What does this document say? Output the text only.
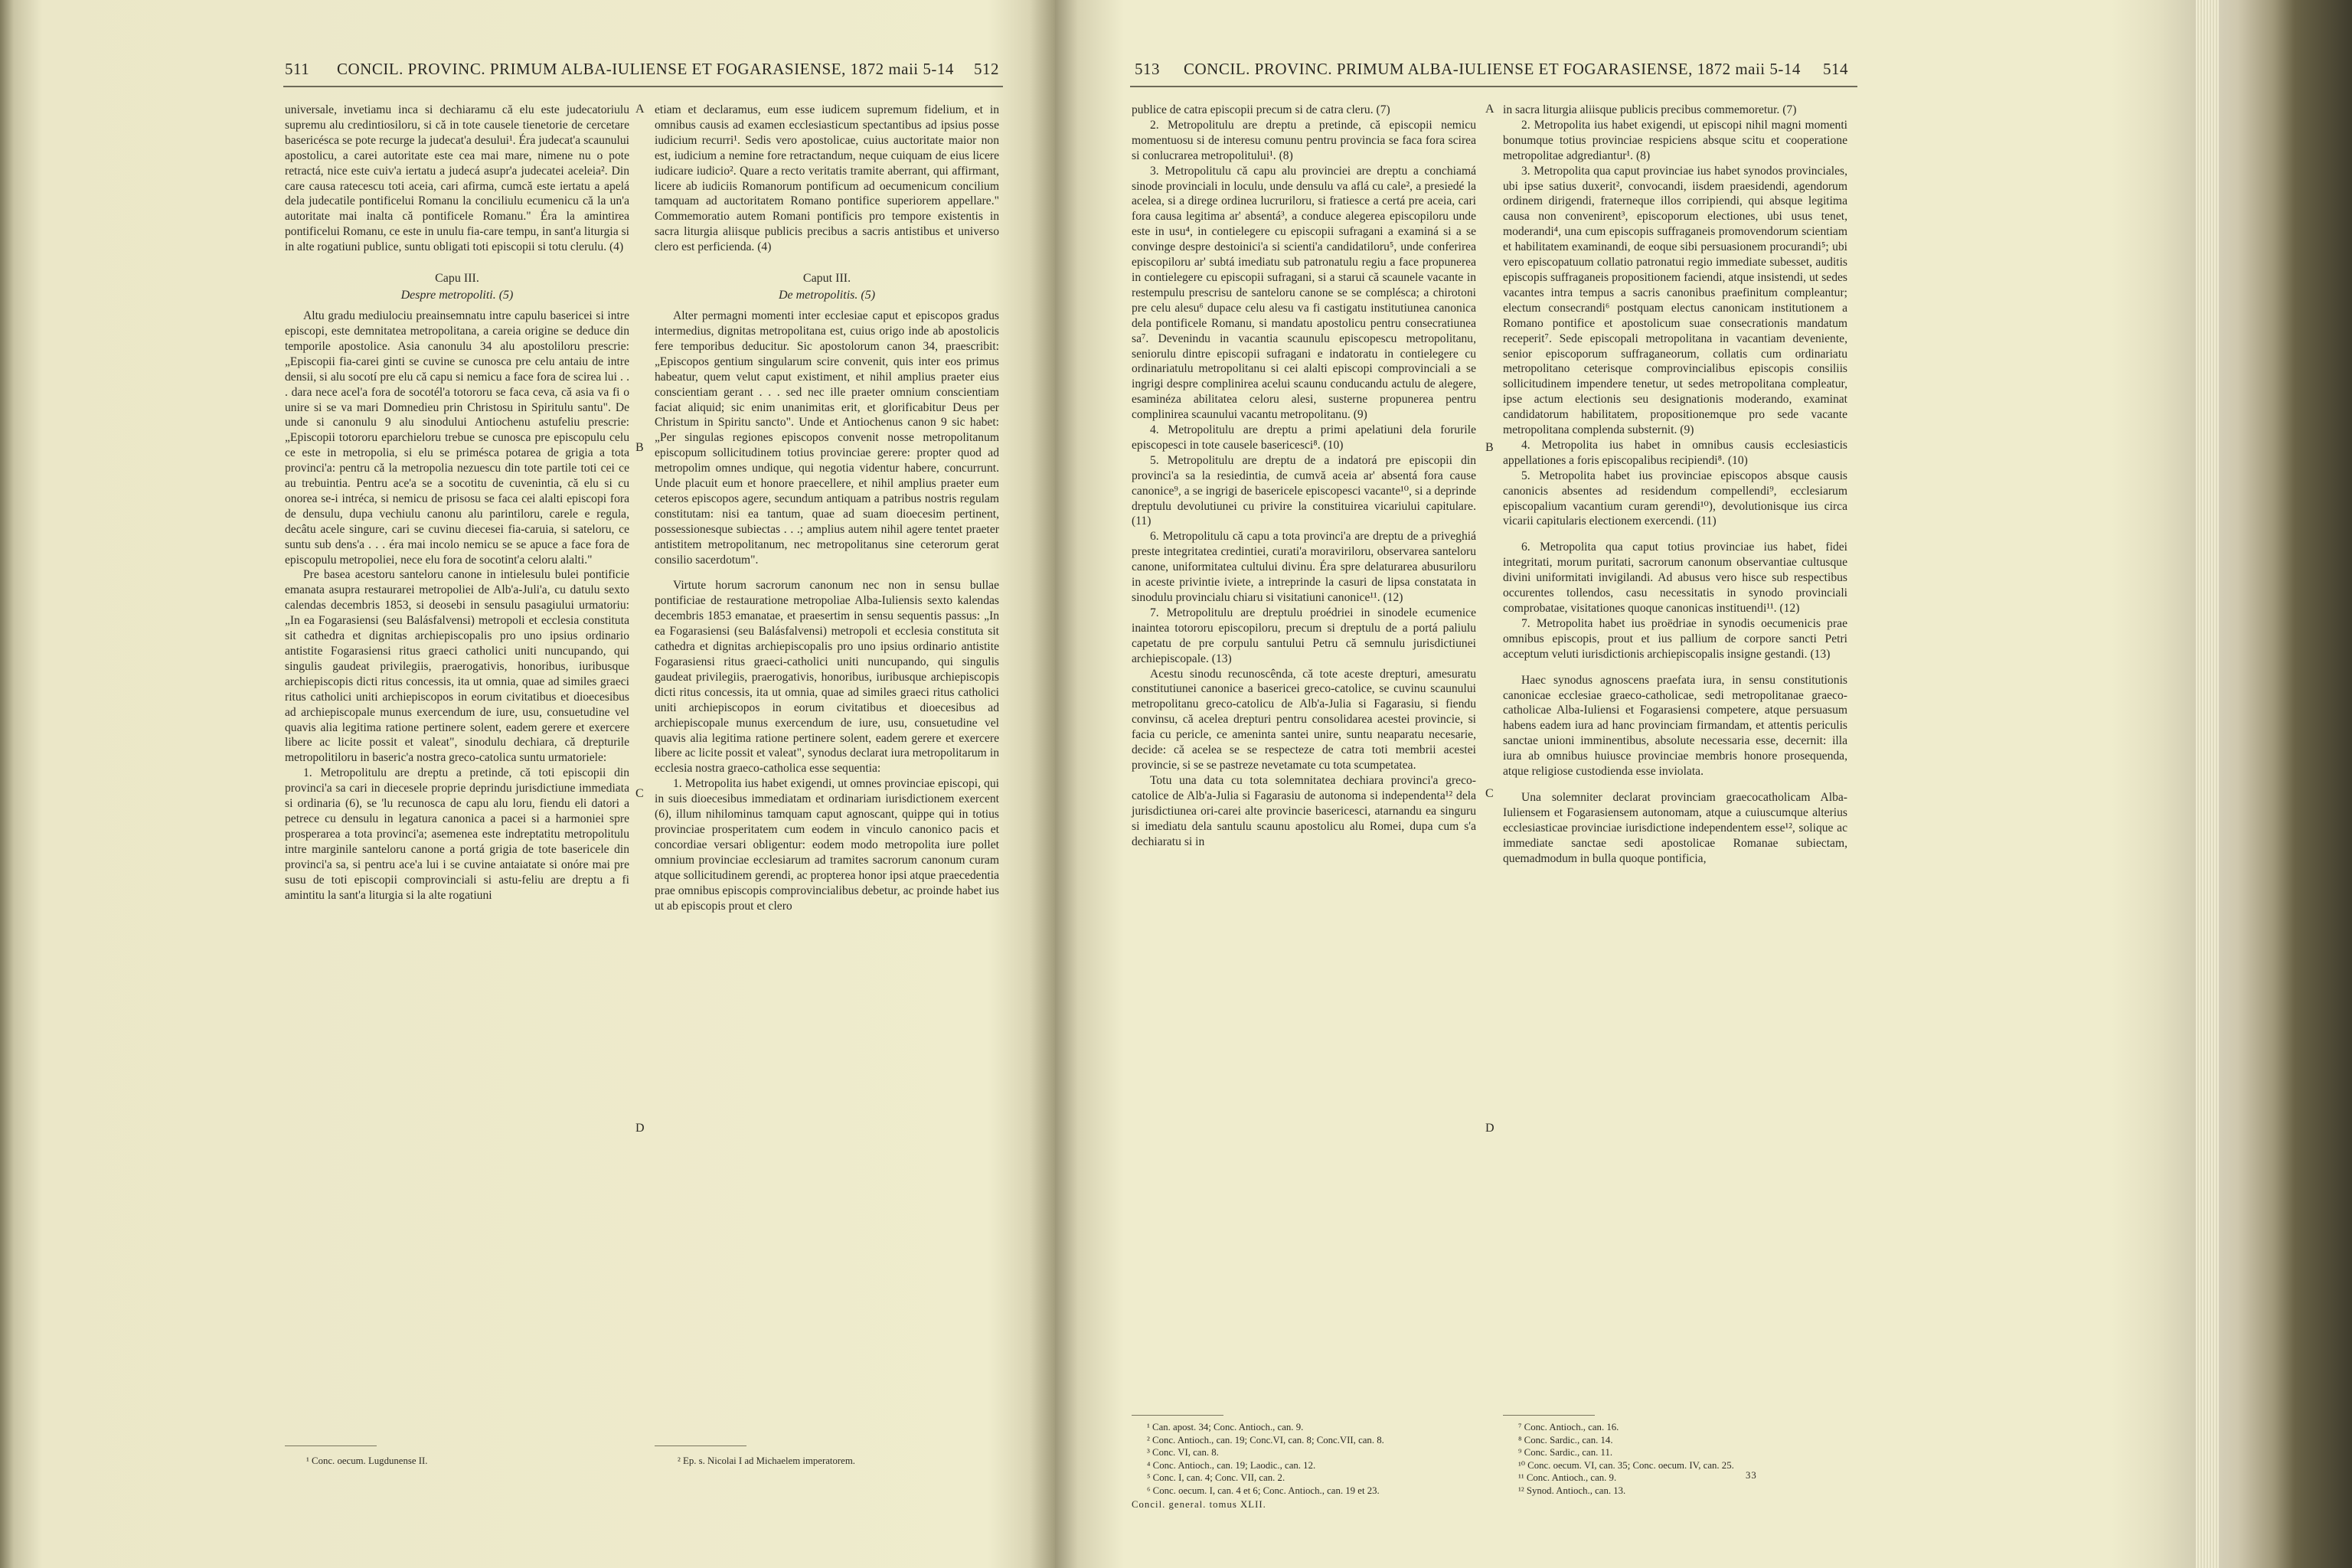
511 CONCIL. PROVINC. PRIMUM ALBA-IULIENSE ET FOGARASIENSE, 1872 maii 5-14 512

universale, invetiamu inca si dechiaramu că elu este judecatoriulu supremu alu credintiosiloru, si că in tote causele tienetorie de cercetare basericésca se pote recurge la judecat'a desului¹. Éra judecat'a scaunului apostolicu, a carei autoritate este cea mai mare, nimene nu o pote retractá, nice este cuiv'a iertatu a judecá asupr'a judecatei aceleia². Din care causa ratecescu toti aceia, cari afirma, cumcă este iertatu a apelá dela judecatile pontificelui Romanu la conciliulu ecumenicu că la un'a autoritate mai inalta că pontificele Romanu." Éra la amintirea pontificelui Romanu, ce este in unulu fia-care tempu, in sant'a liturgia si in alte rogatiuni publice, suntu obligati toti episcopii si totu clerulu. (4)

Capu III.
Despre metropoliti. (5)

Altu gradu mediulociu preainsemnatu intre capulu basericei si intre episcopi, este demnitatea metropolitana, a careia origine se deduce din temporile apostolice. Asia canonulu 34 alu apostoliloru prescrie: „Episcopii fia-carei ginti se cuvine se cunosca pre celu antaiu de intre densii, si alu socotí pre elu că capu si nemicu a face fora de scirea lui . . . dara nece acel'a fora de socotél'a totororu se faca ceva, că asia va fi o unire si se va mari Domnedieu prin Christosu in Spiritulu santu". De unde si canonulu 9 alu sinodului Antiochenu astufeliu prescrie: „Episcopii totororu eparchieloru trebue se cunosca pre episcopulu celu ce este in metropolia, si elu se priméscа potarea de grigia a tota provinci'a: pentru că la metropolia nezuescu din tote partile toti cei ce au trebuintia. Pentru ace'a se a socotitu de cuvenintia, că elu si cu onorea se-i intréca, si nemicu de prisosu se faca cei alalti episcopi fora de densulu, dupa vechiulu canonu alu parintiloru, carele e regula, decâtu acele singure, cari se cuvinu diecesei fia-caruia, si sateloru, ce suntu sub dens'a . . . éra mai incolo nemicu se se apuce a face fora de episcopulu metropoliei, nece elu fora de socotint'a celoru alalti."

Pre basea acestoru santeloru canone in intielesulu bulei pontificie emanata asupra restaurarei metropoliei de Alb'a-Juli'a, cu datulu sexto calendas decembris 1853, si deosebi in sensulu pasagiului urmatoriu: „In ea Fogarasiensi (seu Balásfalvensi) metropoli et ecclesia constituta sit cathedra et dignitas archiepiscopalis pro uno ipsius ordinario antistite Fogarasiensi ritus graeci catholici uniti nuncupando, qui singulis gaudeat privilegiis, praerogativis, honoribus, iuribusque archiepiscopis dicti ritus concessis, ita ut omnia, quae ad similes graeci ritus catholici uniti archiepiscopos in eorum civitatibus et dioecesibus ad archiepiscopale munus exercendum de iure, usu, consuetudine vel quavis alia legitima ratione pertinere solent, eadem gerere et exercere libere ac licite possit et valeat", sinodulu dechiara, că drepturile metropolitiloru in baseric'a nostra greco-catolica suntu urmatoriele:

1. Metropolitulu are dreptu a pretinde, că toti episcopii din provinci'a sa cari in diecesele proprie deprindu jurisdictiune immediata si ordinaria (6), se 'lu recunosca de capu alu loru, fiendu eli datori a petrece cu densulu in legatura canonica a pacei si a harmoniei spre prosperarea a tota provinci'a; asemenea este indreptatitu metropolitulu intre marginile santeloru canone a portá grigia de tote basericele din provinci'a sa, si pentru ace'a lui i se cuvine antaiatate si onóre mai pre susu de toti episcopii comprovinciali si astu-feliu are dreptu a fi amintitu la sant'a liturgia si la alte rogatiuni

etiam et declaramus, eum esse iudicem supremum fidelium, et in omnibus causis ad examen ecclesiasticum spectantibus ad ipsius posse iudicium recurri¹. Sedis vero apostolicae, cuius auctoritate maior non est, iudicium a nemine fore retractandum, neque cuiquam de eius licere iudicare iudicio². Quare a recto veritatis tramite aberrant, qui affirmant, licere ab iudiciis Romanorum pontificum ad oecumenicum concilium tamquam ad auctoritatem Romano pontifice superiorem appellare." Commemoratio autem Romani pontificis pro tempore existentis in sacra liturgia aliisque publicis precibus a sacris antistibus et universo clero est perficienda. (4)

Caput III.
De metropolitis. (5)

Alter permagni momenti inter ecclesiae caput et episcopos gradus intermedius, dignitas metropolitana est, cuius origo inde ab apostolicis fere temporibus deducitur. Sic apostolorum canon 34, praescribit: „Episcopos gentium singularum scire convenit, quis inter eos primus habeatur, quem velut caput existiment, et nihil amplius praeter eius conscientiam gerant . . . sed nec ille praeter omnium conscientiam faciat aliquid; sic enim unanimitas erit, et glorificabitur Deus per Christum in Spiritu sancto". Unde et Antiochenus canon 9 sic habet: „Per singulas regiones episcopos convenit nosse metropolitanum episcopum sollicitudinem totius provinciae gerere: propter quod ad metropolim omnes undique, qui negotia videntur habere, concurrunt. Unde placuit eum et honore praecellere, et nihil amplius praeter eum ceteros episcopos agere, secundum antiquam a patribus nostris regulam constitutam: nisi ea tantum, quae ad suam dioecesim pertinent, possessionesque subiectas . . .; amplius autem nihil agere tentet praeter antistitem metropolitanum, nec metropolitanus sine ceterorum gerat consilio sacerdotum".

Virtute horum sacrorum canonum nec non in sensu bullae pontificiae de restauratione metropoliae Alba-Iuliensis sexto kalendas decembris 1853 emanatae, et praesertim in sensu sequentis passus: „In ea Fogarasiensi (seu Balásfalvensi) metropoli et ecclesia constituta sit cathedra et dignitas archiepiscopalis pro uno ipsius ordinario antistite Fogarasiensi ritus graeci-catholici uniti nuncupando, qui singulis gaudeat privilegiis, praerogativis, honoribus, iuribusque archiepiscopis dicti ritus concessis, ita ut omnia, quae ad similes graeci ritus catholici uniti archiepiscopos in eorum civitatibus et dioecesibus ad archiepiscopale munus exercendum de iure, usu, consuetudine vel quavis alia legitima ratione pertinere solent, eadem gerere et exercere libere ac licite possit et valeat", synodus declarat iura metropolitarum in ecclesia nostra graeco-catholica esse sequentia:

1. Metropolita ius habet exigendi, ut omnes provinciae episcopi, qui in suis dioecesibus immediatam et ordinariam iurisdictionem exercent (6), illum nihilominus tamquam caput agnoscant, quippe qui in totius provinciae prosperitatem cum eodem in vinculo canonico pacis et concordiae versari obligentur: eodem modo metropolita iure pollet omnium provinciae ecclesiarum ad tramites sacrorum canonum curam atque sollicitudinem gerendi, ac propterea honor ipsi atque praecedentia prae omnibus episcopis comprovincialibus debetur, ac proinde habet ius ut ab episcopis prout et clero

A
B
C
D
¹ Conc. oecum. Lugdunense II.	² Ep. s. Nicolai I ad Michaelem imperatorem.
513 CONCIL. PROVINC. PRIMUM ALBA-IULIENSE ET FOGARASIENSE, 1872 maii 5-14 514

publice de catra episcopii precum si de catra cleru. (7)

2. Metropolitulu are dreptu a pretinde, că episcopii nemicu momentuosu si de interesu comunu pentru provincia se faca fora scirea si conlucrarea metropolitului¹. (8)

3. Metropolitulu că capu alu provinciei are dreptu a conchiamá sinode provinciali in loculu, unde densulu va aflá cu cale², a presiedé la acelea, si a direge ordinea lucruriloru, si fratiesce a certá pre aceia, cari fora causa legitima ar' absentá³, a conduce alegerea episcopiloru unde este in usu⁴, in contielegere cu episcopii sufragani a examiná si a se convinge despre destoinici'a si scienti'a candidatiloru⁵, unde conferirea episcopiloru ar' subtá imediatu sub patronatulu regiu a face propunerea in contielegere cu episcopii sufragani, si a starui că scaunele vacante in restempulu prescrisu de santeloru canone se se compléscа; a chirotoni pre celu alesu⁶ dupace celu alesu va fi castigatu institutiunea canonica dela pontificele Romanu, si mandatu apostolicu pentru consecratiunea sa⁷. Devenindu in vacantia scaunulu episcopescu metropolitanu, seniorulu dintre episcopii sufragani e indatoratu in contielegere cu ordinariatulu metropolitanu si cei alalti episcopi comprovinciali a se ingrigi despre complinirea acelui scaunu conducandu actulu de alegere, esaminéza abilitatea celoru alesi, susterne propunerea pentru complinirea scaunului vacantu metropolitanu. (9)

4. Metropolitulu are dreptu a primi apelatiuni dela forurile episcopesci in tote causele basericesci⁸. (10)

5. Metropolitulu are dreptu de a indatorá pre episcopii din provinci'a sa la resiedintia, de cumvă aceia ar' absentá fora cause canonice⁹, a se ingrigi de basericele episcopesci vacante¹⁰, si a deprinde dreptulu devolutiunei cu privire la constituirea vicariului capitulare. (11)

6. Metropolitulu că capu a tota provinci'a are dreptu de a priveghiá preste integritatea credintiei, curati'a moraviriloru, observarea santeloru canone, uniformitatea cultului divinu. Éra spre delaturarea abusuriloru in aceste privintie iviete, a intreprinde la casuri de lipsa constatata in sinodulu provincialu chiaru si visitatiuni canonice¹¹. (12)

7. Metropolitulu are dreptulu proédriei in sinodele ecumenice inaintea totororu episcopiloru, precum si dreptulu de a portá paliulu capetatu de pre corpulu santului Petru că semnulu jurisdictiunei archiepiscopale. (13)

Acestu sinodu recunoscêndа, că tote aceste drepturi, amesuratu constitutiunei canonice a basericei greco-catolice, se cuvinu scaunului metropolitanu greco-catolicu de Alb'a-Julia si Fagarasiu, si fiendu convinsu, că acelea drepturi pentru consolidarea acestei provincie, si facia cu pericle, ce ameninta santei unire, suntu neaparatu necesarie, decide: că acelea se se respecteze de catra toti membrii acestei provincie, si se se pastreze nevetamate cu tota scumpetatea.

Totu una data cu tota solemnitatea dechiara provinci'a greco-catolice de Alb'a-Julia si Fagarasiu de autonoma si independenta¹² dela jurisdictiunea ori-carei alte provincie basericesci, atarnandu ea singuru si imediatu dela santulu scaunu apostolicu alu Romei, dupa cum s'a dechiaratu si in

in sacra liturgia aliisque publicis precibus commemoretur. (7)

2. Metropolita ius habet exigendi, ut episcopi nihil magni momenti bonumque totius provinciae respiciens absque scitu et cooperatione metropolitae adgrediantur¹. (8)

3. Metropolita qua caput provinciae ius habet synodos provinciales, ubi ipse satius duxerit², convocandi, iisdem praesidendi, agendorum ordinem dirigendi, fraterneque illos corripiendi, qui absque legitima causa non convenirent³, episcoporum electiones, ubi usus tenet, moderandi⁴, una cum episcopis suffraganeis promovendorum scientiam et habilitatem examinandi, de eoque sibi persuasionem procurandi⁵; ubi vero episcopatuum collatio patronatui regio immediate subesset, auditis episcopis suffraganeis propositionem faciendi, atque insistendi, ut sedes vacantes intra tempus a sacris canonibus praefinitum compleantur; electum consecrandi⁶ postquam electus canonicam institutionem a Romano pontifice et apostolicum suae consecrationis mandatum receperit⁷. Sede episcopali metropolitana in vacantiam deveniente, senior episcoporum suffraganeorum, collatis cum ordinariatu metropolitano ceterisque comprovincialibus episcopis consiliis sollicitudinem impendere tenetur, ut sedes metropolitana compleatur, ipse actum electionis seu designationis moderando, examinat candidatorum habilitatem, propositionemque pro sede vacante metropolitana complenda substernit. (9)

4. Metropolita ius habet in omnibus causis ecclesiasticis appellationes a foris episcopalibus recipiendi⁸. (10)

5. Metropolita habet ius provinciae episcopos absque causis canonicis absentes ad residendum compellendi⁹, ecclesiarum episcopalium vacantium curam gerendi¹⁰), devolutionisque ius circa vicarii capitularis electionem exercendi. (11)

6. Metropolita qua caput totius provinciae ius habet, fidei integritati, morum puritati, sacrorum canonum observantiae cultusque divini uniformitati invigilandi. Ad abusus vero hisce sub respectibus occurentes tollendos, casu necessitatis in synodo provinciali comprobatae, visitationes quoque canonicas instituendi¹¹. (12)

7. Metropolita habet ius proëdriae in synodis oecumenicis prae omnibus episcopis, prout et ius pallium de corpore sancti Petri acceptum veluti iurisdictionis archiepiscopalis insigne gestandi. (13)

Haec synodus agnoscens praefata iura, in sensu constitutionis canonicae ecclesiae graeco-catholicae, sedi metropolitanae graeco-catholicae Alba-Iuliensi et Fogarasiensi competere, atque persuasum habens eadem iura ad hanc provinciam firmandam, et attentis periculis sanctae unioni imminentibus, absolute necessaria esse, decernit: illa iura ab omnibus huiusce provinciae membris honore prosequenda, atque religiose custodienda esse inviolata.

Una solemniter declarat provinciam graecocatholicam Alba-Iuliensem et Fogarasiensem autonomam, atque a cuiuscumque alterius ecclesiasticae provinciae iurisdictione independentem esse¹², solique ac immediate sanctae sedi apostolicae Romanae subiectam, quemadmodum in bulla quoque pontificia,

A
B
C
D
¹ Can. apost. 34; Conc. Antioch., can. 9.
² Conc. Antioch., can. 19; Conc.VI, can. 8; Conc.VII, can. 8.
³ Conc. VI, can. 8.
⁴ Conc. Antioch., can. 19; Laodic., can. 12.
⁵ Conc. I, can. 4; Conc. VII, can. 2.
⁶ Conc. oecum. I, can. 4 et 6; Conc. Antioch., can. 19 et 23.
Concil. general. tomus XLII.
⁷ Conc. Antioch., can. 16.
⁸ Conc. Sardic., can. 14.
⁹ Conc. Sardic., can. 11.
¹⁰ Conc. oecum. VI, can. 35; Conc. oecum. IV, can. 25.
¹¹ Conc. Antioch., can. 9.
¹² Synod. Antioch., can. 13.
33
